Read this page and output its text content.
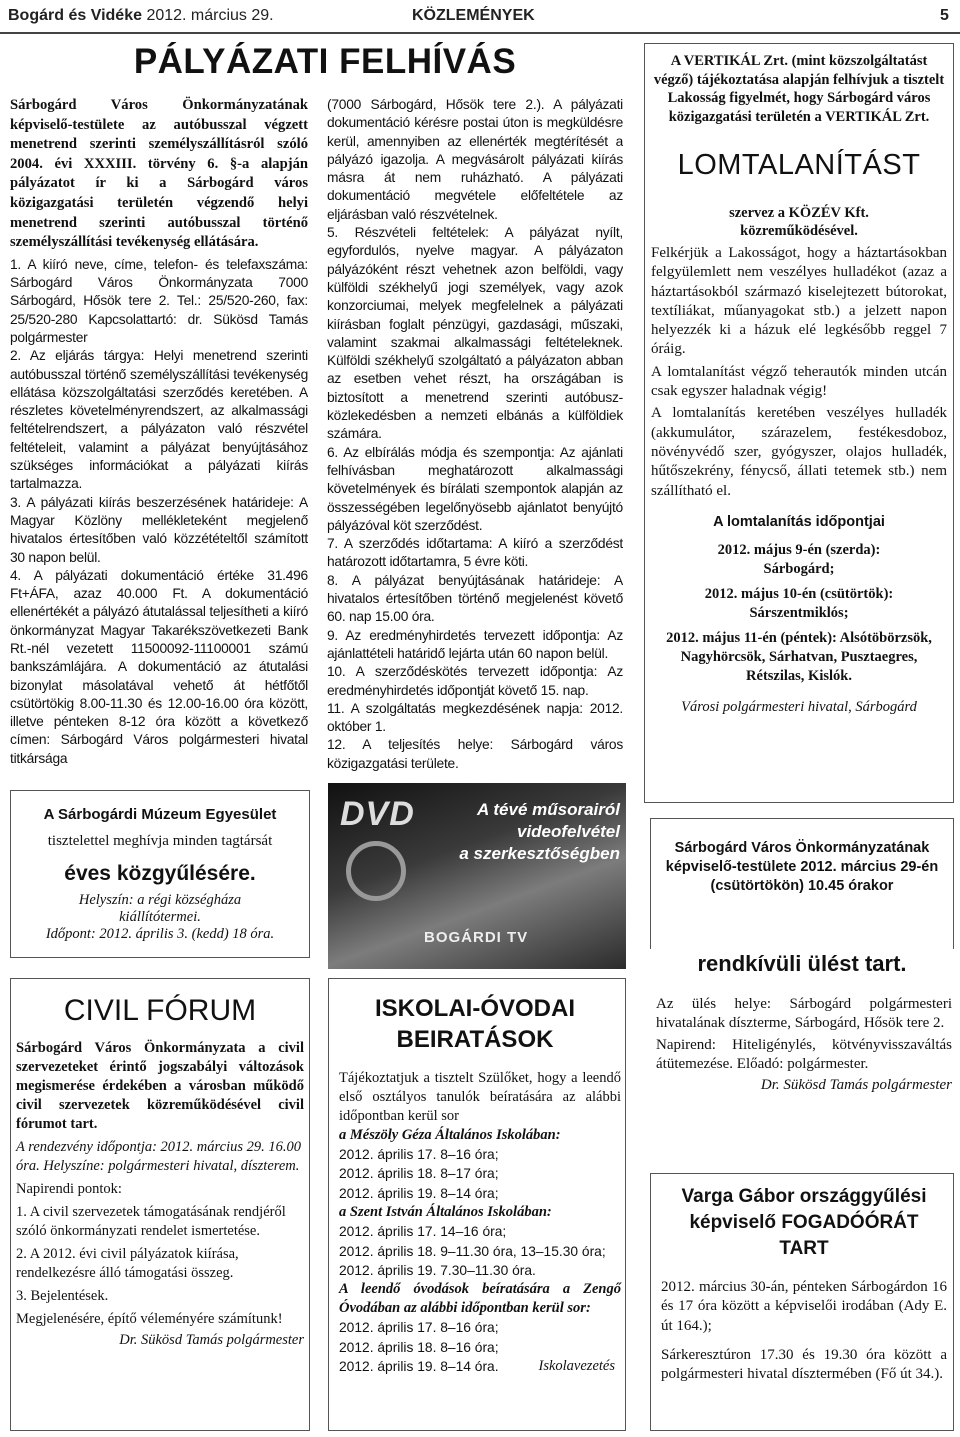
Bogárd és Vidéke 2012. március 29.	KÖZLEMÉNYEK	5
PÁLYÁZATI FELHÍVÁS

Sárbogárd Város Önkormányzatának képviselő-testülete az autóbusszal végzett menetrend szerinti személyszállításról szóló 2004. évi XXXIII. törvény 6. §-a alapján pályázatot ír ki a Sárbogárd város közigazgatási területén végzendő helyi menetrend szerinti autóbusszal történő személyszállítási tevékenység ellátására.

1. A kiíró neve, címe, telefon- és telefaxszáma: Sárbogárd Város Önkormányzata 7000 Sárbogárd, Hősök tere 2. Tel.: 25/520-260, fax: 25/520-280 Kapcsolattartó: dr. Sükösd Tamás polgármester

2. Az eljárás tárgya: Helyi menetrend szerinti autóbusszal történő személyszállítási tevékenység ellátása közszolgáltatási szerződés keretében. A részletes követelményrendszert, az alkalmassági feltételrendszert, a pályázaton való részvétel feltételeit, valamint a pályázat benyújtásához szükséges információkat a pályázati kiírás tartalmazza.

3. A pályázati kiírás beszerzésének határideje: A Magyar Közlöny mellékleteként megjelenő hivatalos értesítőben való közzétételtől számított 30 napon belül.

4. A pályázati dokumentáció értéke 31.496 Ft+ÁFA, azaz 40.000 Ft. A dokumentáció ellenértékét a pályázó átutalással teljesítheti a kiíró önkormányzat Magyar Takarékszövetkezeti Bank Rt.-nél vezetett 11500092-11100001 számú bankszámlájára. A dokumentáció az átutalási bizonylat másolatával vehető át hétfőtől csütörtökig 8.00-11.30 és 12.00-16.00 óra között, illetve pénteken 8-12 óra között a következő címen: Sárbogárd Város polgármesteri hivatal titkársága

(7000 Sárbogárd, Hősök tere 2.). A pályázati dokumentáció kérésre postai úton is megküldésre kerül, amennyiben az ellenérték megtérítését a pályázó igazolja. A megvásárolt pályázati kiírás másra át nem ruházható. A pályázati dokumentáció megvétele előfeltétele az eljárásban való részvételnek.

5. Részvételi feltételek: A pályázat nyílt, egyfordulós, nyelve magyar. A pályázaton pályázóként részt vehetnek azon belföldi, vagy külföldi székhelyű jogi személyek, vagy azok konzorciumai, melyek megfelelnek a pályázati kiírásban foglalt pénzügyi, gazdasági, műszaki, valamint szakmai alkalmassági feltételeknek. Külföldi székhelyű szolgáltató a pályázaton abban az esetben vehet részt, ha országában is biztosított a menetrend szerinti autóbusz-közlekedésben a nemzeti elbánás a külföldiek számára.

6. Az elbírálás módja és szempontja: Az ajánlati felhívásban meghatározott alkalmassági követelmények és bírálati szempontok alapján az összességében legelőnyösebb ajánlatot benyújtó pályázóval köt szerződést.

7. A szerződés időtartama: A kiíró a szerződést határozott időtartamra, 5 évre köti.

8. A pályázat benyújtásának határideje: A hivatalos értesítőben történő megjelenést követő 60. nap 15.00 óra.

9. Az eredményhirdetés tervezett időpontja: Az ajánlattételi határidő lejárta után 60 napon belül.

10. A szerződéskötés tervezett időpontja: Az eredményhirdetés időpontját követő 15. nap.

11. A szolgáltatás megkezdésének napja: 2012. október 1.

12. A teljesítés helye: Sárbogárd város közigazgatási területe.

A VERTIKÁL Zrt. (mint közszolgáltatást végző) tájékoztatása alapján felhívjuk a tisztelt Lakosság figyelmét, hogy Sárbogárd város közigazgatási területén a VERTIKÁL Zrt.

LOMTALANÍTÁST

szervez a KÖZÉV Kft. közreműködésével.

Felkérjük a Lakosságot, hogy a háztartásokban felgyülemlett nem veszélyes hulladékot (azaz a háztartásokból származó kiselejtezett bútorokat, textíliákat, műanyagokat stb.) a jelzett napon helyezzék ki a házuk elé legkésőbb reggel 7 óráig.

A lomtalanítást végző teherautók minden utcán csak egyszer haladnak végig!

A lomtalanítás keretében veszélyes hulladék (akkumulátor, szárazelem, festékesdoboz, növényvédő szer, gyógyszer, olajos hulladék, hűtőszekrény, fénycső, állati tetemek stb.) nem szállítható el.

A lomtalanítás időpontjai

2012. május 9-én (szerda): Sárbogárd;

2012. május 10-én (csütörtök): Sárszentmiklós;

2012. május 11-én (péntek): Alsótöbörzsök, Nagyhörcsök, Sárhatvan, Pusztaegres, Rétszilas, Kislók.

Városi polgármesteri hivatal, Sárbogárd

A Sárbogárdi Múzeum Egyesület

tisztelettel meghívja minden tagtársát

éves közgyűlésére.

Helyszín: a régi községháza kiállítótermei.

Időpont: 2012. április 3. (kedd) 18 óra.

DVD	A tévé műsorairól
videofelvétel
a szerkesztőségben
BOGÁRDI TV

Sárbogárd Város Önkormányzatának képviselő-testülete 2012. március 29-én (csütörtökön) 10.45 órakor

rendkívüli ülést tart.

Az ülés helye: Sárbogárd polgármesteri hivatalának díszterme, Sárbogárd, Hősök tere 2.

Napirend: Hiteligénylés, kötvényvisszaváltás átütemezése. Előadó: polgármester.

Dr. Sükösd Tamás polgármester

CIVIL FÓRUM

Sárbogárd Város Önkormányzata a civil szervezeteket érintő jogszabályi változások megismerése érdekében a városban működő civil szervezetek közreműködésével civil fórumot tart.

A rendezvény időpontja: 2012. március 29. 16.00 óra. Helyszíne: polgármesteri hivatal, díszterem.

Napirendi pontok:

1. A civil szervezetek támogatásának rendjéről szóló önkormányzati rendelet ismertetése.

2. A 2012. évi civil pályázatok kiírása, rendelkezésre álló támogatási összeg.

3. Bejelentések.

Megjelenésére, építő véleményére számítunk!

Dr. Sükösd Tamás polgármester

ISKOLAI-ÓVODAI BEIRATÁSOK

Tájékoztatjuk a tisztelt Szülőket, hogy a leendő első osztályos tanulók beíratására az alábbi időpontban kerül sor

a Mészöly Géza Általános Iskolában:

2012. április 17. 8–16 óra;
2012. április 18. 8–17 óra;
2012. április 19. 8–14 óra;

a Szent István Általános Iskolában:

2012. április 17. 14–16 óra;
2012. április 18. 9–11.30 óra, 13–15.30 óra;
2012. április 19. 7.30–11.30 óra.

A leendő óvodások beíratására a Zengő Óvodában az alábbi időpontban kerül sor:

2012. április 17. 8–16 óra;
2012. április 18. 8–16 óra;
2012. április 19. 8–14 óra.	Iskolavezetés

Varga Gábor országgyűlési képviselő FOGADÓÓRÁT TART

2012. március 30-án, pénteken Sárbogárdon 16 és 17 óra között a képviselői irodában (Ady E. út 164.);

Sárkeresztúron 17.30 és 19.30 óra között a polgármesteri hivatal dísztermében (Fő út 34.).
